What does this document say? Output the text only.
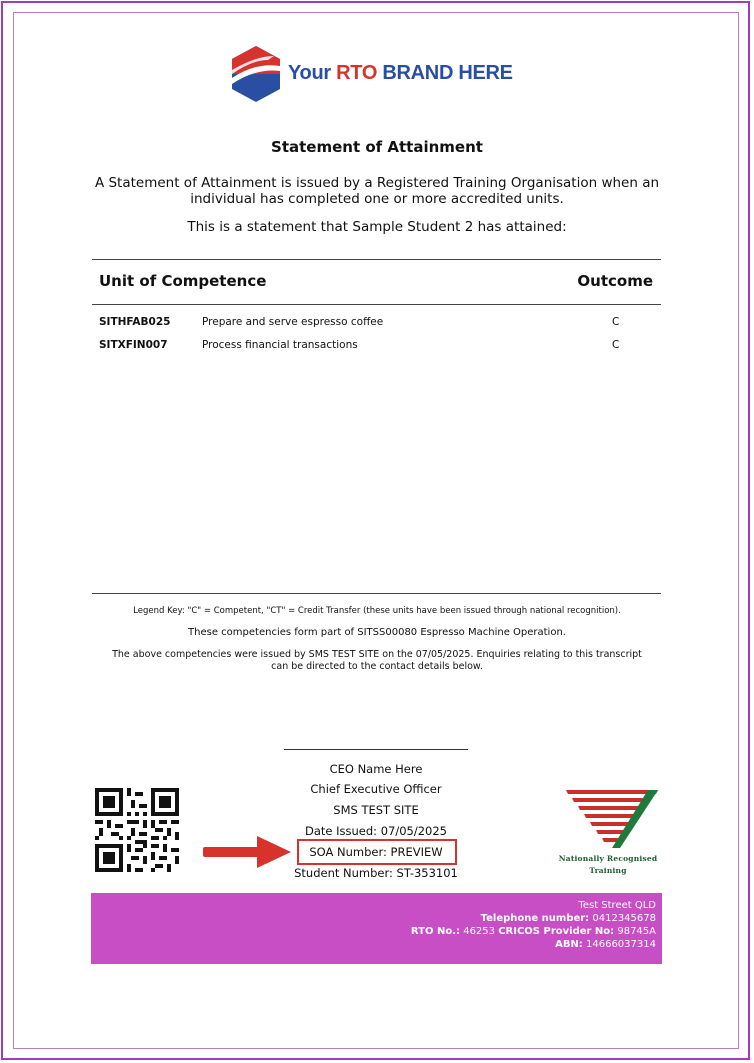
Your RTO BRAND HERE
Statement of Attainment
A Statement of Attainment is issued by a Registered Training Organisation when an individual has completed one or more accredited units.
This is a statement that Sample Student 2 has attained:
Unit of Competence	Outcome
SITHFAB025	Prepare and serve espresso coffee	C
SITXFIN007	Process financial transactions	C
Legend Key: "C" = Competent, "CT" = Credit Transfer (these units have been issued through national recognition).
These competencies form part of SITSS00080 Espresso Machine Operation.
The above competencies were issued by SMS TEST SITE on the 07/05/2025. Enquiries relating to this transcript can be directed to the contact details below.
CEO Name Here
Chief Executive Officer
SMS TEST SITE
Date Issued: 07/05/2025
SOA Number: PREVIEW
Student Number: ST-353101
Nationally Recognised
Training
Test Street QLD
Telephone number: 0412345678
RTO No.: 46253 CRICOS Provider No: 98745A
ABN: 14666037314
